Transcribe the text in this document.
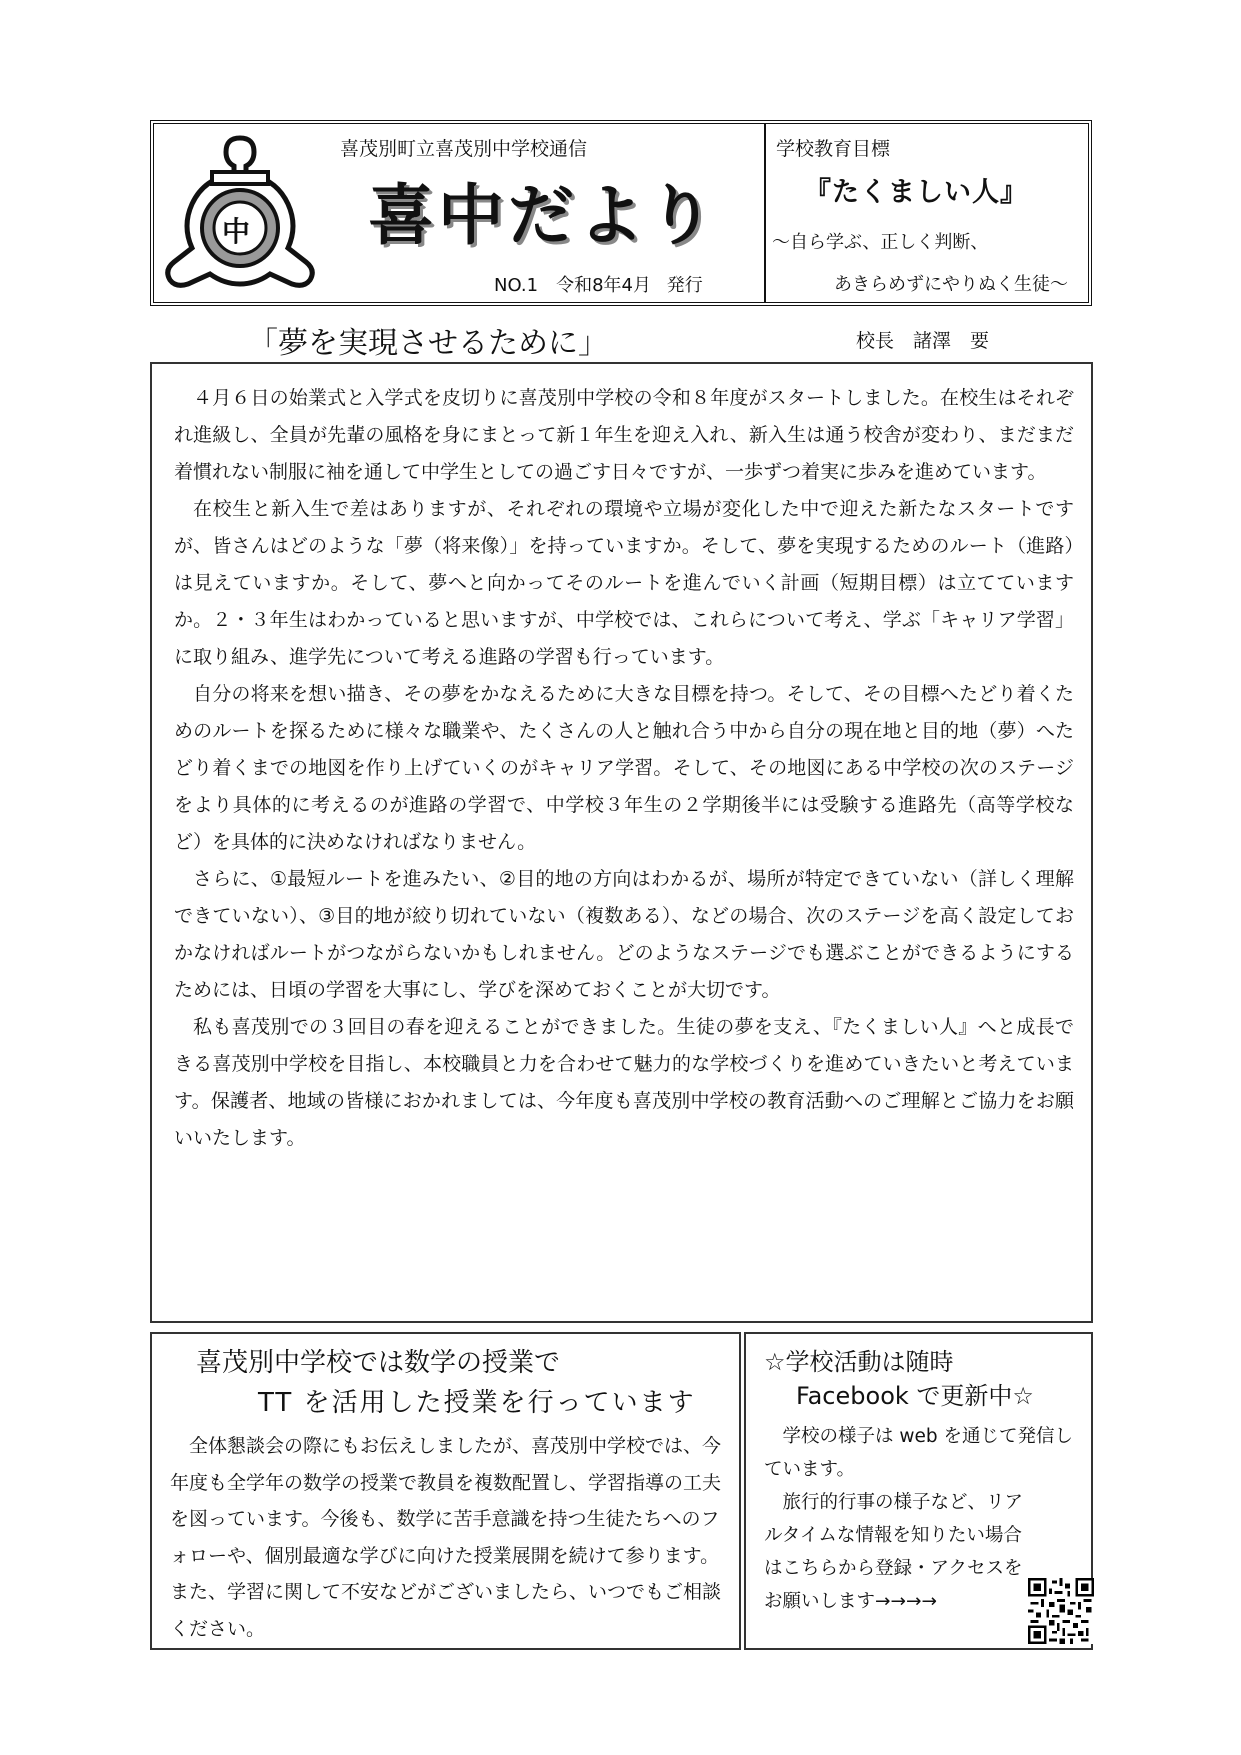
中
喜茂別町立喜茂別中学校通信
喜中だより
NO.1　令和8年4月 発行
学校教育目標
『たくましい人』
〜自ら学ぶ、正しく判断、
あきらめずにやりぬく生徒〜
「夢を実現させるために」	校長　諸澤　要

４月６日の始業式と入学式を皮切りに喜茂別中学校の令和８年度がスタートしました。在校生はそれぞれ進級し、全員が先輩の風格を身にまとって新１年生を迎え入れ、新入生は通う校舎が変わり、まだまだ着慣れない制服に袖を通して中学生としての過ごす日々ですが、一歩ずつ着実に歩みを進めています。

在校生と新入生で差はありますが、それぞれの環境や立場が変化した中で迎えた新たなスタートですが、皆さんはどのような「夢（将来像）」を持っていますか。そして、夢を実現するためのルート（進路）は見えていますか。そして、夢へと向かってそのルートを進んでいく計画（短期目標）は立てていますか。２・３年生はわかっていると思いますが、中学校では、これらについて考え、学ぶ「キャリア学習」に取り組み、進学先について考える進路の学習も行っています。

自分の将来を想い描き、その夢をかなえるために大きな目標を持つ。そして、その目標へたどり着くためのルートを探るために様々な職業や、たくさんの人と触れ合う中から自分の現在地と目的地（夢）へたどり着くまでの地図を作り上げていくのがキャリア学習。そして、その地図にある中学校の次のステージをより具体的に考えるのが進路の学習で、中学校３年生の２学期後半には受験する進路先（高等学校など）を具体的に決めなければなりません。

さらに、①最短ルートを進みたい、②目的地の方向はわかるが、場所が特定できていない（詳しく理解できていない）、③目的地が絞り切れていない（複数ある）、などの場合、次のステージを高く設定しておかなければルートがつながらないかもしれません。どのようなステージでも選ぶことができるようにするためには、日頃の学習を大事にし、学びを深めておくことが大切です。

私も喜茂別での３回目の春を迎えることができました。生徒の夢を支え、『たくましい人』へと成長できる喜茂別中学校を目指し、本校職員と力を合わせて魅力的な学校づくりを進めていきたいと考えています。保護者、地域の皆様におかれましては、今年度も喜茂別中学校の教育活動へのご理解とご協力をお願いいたします。

喜茂別中学校では数学の授業で
TT を活用した授業を行っています

全体懇談会の際にもお伝えしましたが、喜茂別中学校では、今年度も全学年の数学の授業で教員を複数配置し、学習指導の工夫を図っています。今後も、数学に苦手意識を持つ生徒たちへのフォローや、個別最適な学びに向けた授業展開を続けて参ります。また、学習に関して不安などがございましたら、いつでもご相談ください。

☆学校活動は随時
Facebook で更新中☆

学校の様子は web を通じて発信しています。

旅行的行事の様子など、リアルタイムな情報を知りたい場合はこちらから登録・アクセスをお願いします→→→→
